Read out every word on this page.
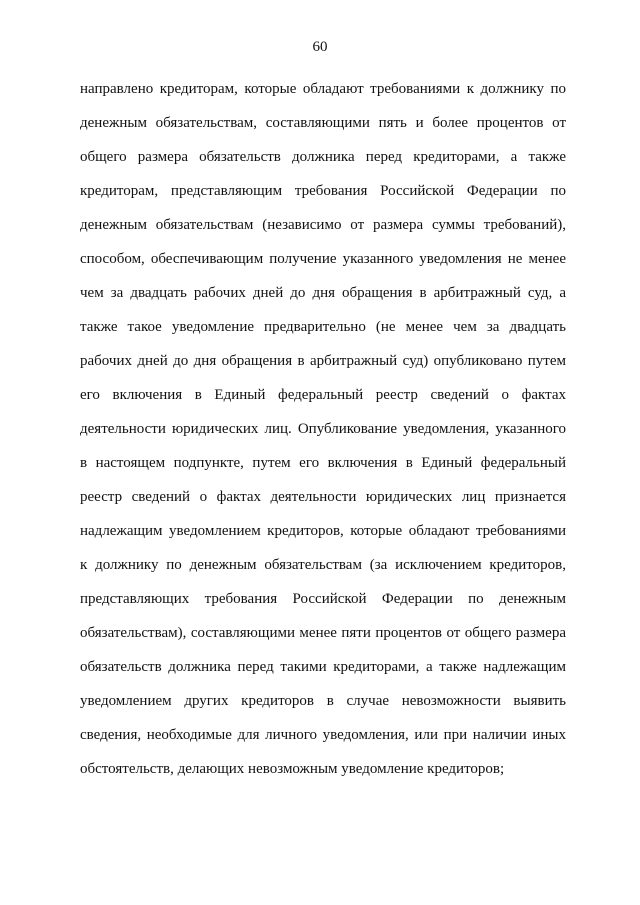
60
направлено кредиторам, которые обладают требованиями к должнику по
денежным обязательствам, составляющими пять и более процентов от
общего размера обязательств должника перед кредиторами, а также
кредиторам, представляющим требования Российской Федерации по
денежным обязательствам (независимо от размера суммы требований),
способом, обеспечивающим получение указанного уведомления не менее
чем за двадцать рабочих дней до дня обращения в арбитражный суд, а
также такое уведомление предварительно (не менее чем за двадцать
рабочих дней до дня обращения в арбитражный суд) опубликовано путем
его включения в Единый федеральный реестр сведений о фактах
деятельности юридических лиц. Опубликование уведомления, указанного
в настоящем подпункте, путем его включения в Единый федеральный
реестр сведений о фактах деятельности юридических лиц признается
надлежащим уведомлением кредиторов, которые обладают требованиями
к должнику по денежным обязательствам (за исключением кредиторов,
представляющих требования Российской Федерации по денежным
обязательствам), составляющими менее пяти процентов от общего размера
обязательств должника перед такими кредиторами, а также надлежащим
уведомлением других кредиторов в случае невозможности выявить
сведения, необходимые для личного уведомления, или при наличии иных
обстоятельств, делающих невозможным уведомление кредиторов;
